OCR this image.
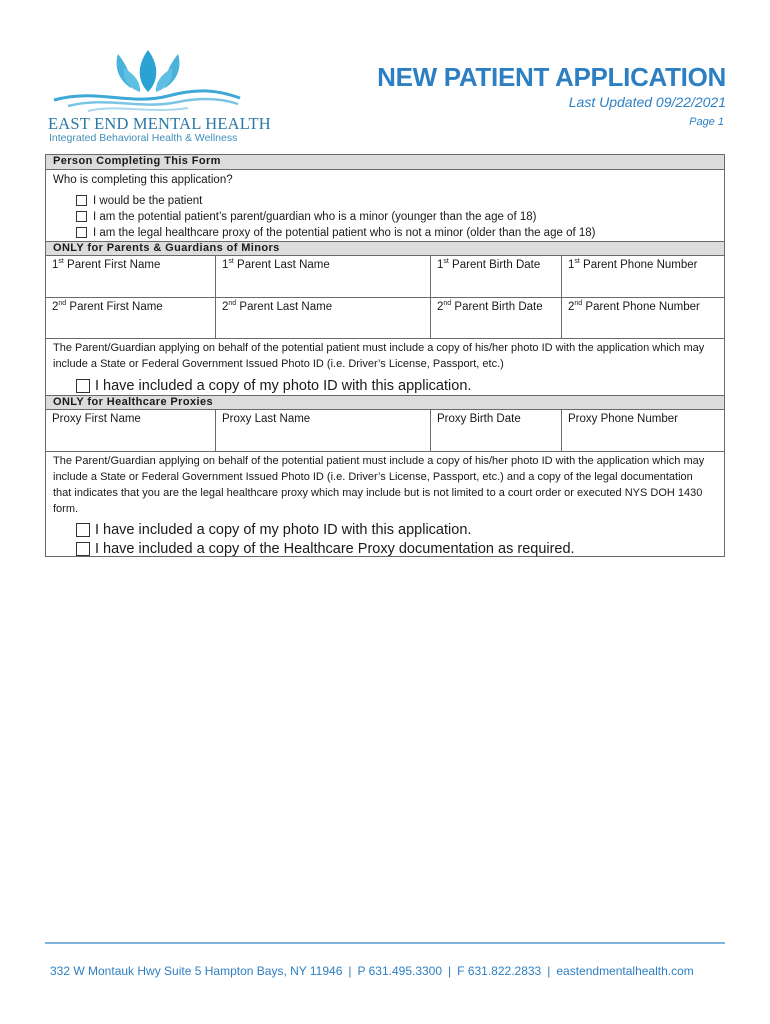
EAST END MENTAL HEALTH
Integrated Behavioral Health & Wellness
NEW PATIENT APPLICATION
Last Updated 09/22/2021
Page 1
Person Completing This Form
Who is completing this application?
I would be the patient
I am the potential patient’s parent/guardian who is a minor (younger than the age of 18)
I am the legal healthcare proxy of the potential patient who is not a minor (older than the age of 18)
ONLY for Parents & Guardians of Minors
1st Parent First Name	1st Parent Last Name	1st Parent Birth Date	1st Parent Phone Number
2nd Parent First Name	2nd Parent Last Name	2nd Parent Birth Date	2nd Parent Phone Number
The Parent/Guardian applying on behalf of the potential patient must include a copy of his/her photo ID with the application which may include a State or Federal Government Issued Photo ID (i.e. Driver’s License, Passport, etc.)
I have included a copy of my photo ID with this application.
ONLY for Healthcare Proxies
Proxy First Name	Proxy Last Name	Proxy Birth Date	Proxy Phone Number
The Parent/Guardian applying on behalf of the potential patient must include a copy of his/her photo ID with the application which may include a State or Federal Government Issued Photo ID (i.e. Driver’s License, Passport, etc.) and a copy of the legal documentation that indicates that you are the legal healthcare proxy which may include but is not limited to a court order or executed NYS DOH 1430 form.
I have included a copy of my photo ID with this application.
I have included a copy of the Healthcare Proxy documentation as required.
332 W Montauk Hwy Suite 5 Hampton Bays, NY 11946 | P 631.495.3300 | F 631.822.2833 | eastendmentalhealth.com
